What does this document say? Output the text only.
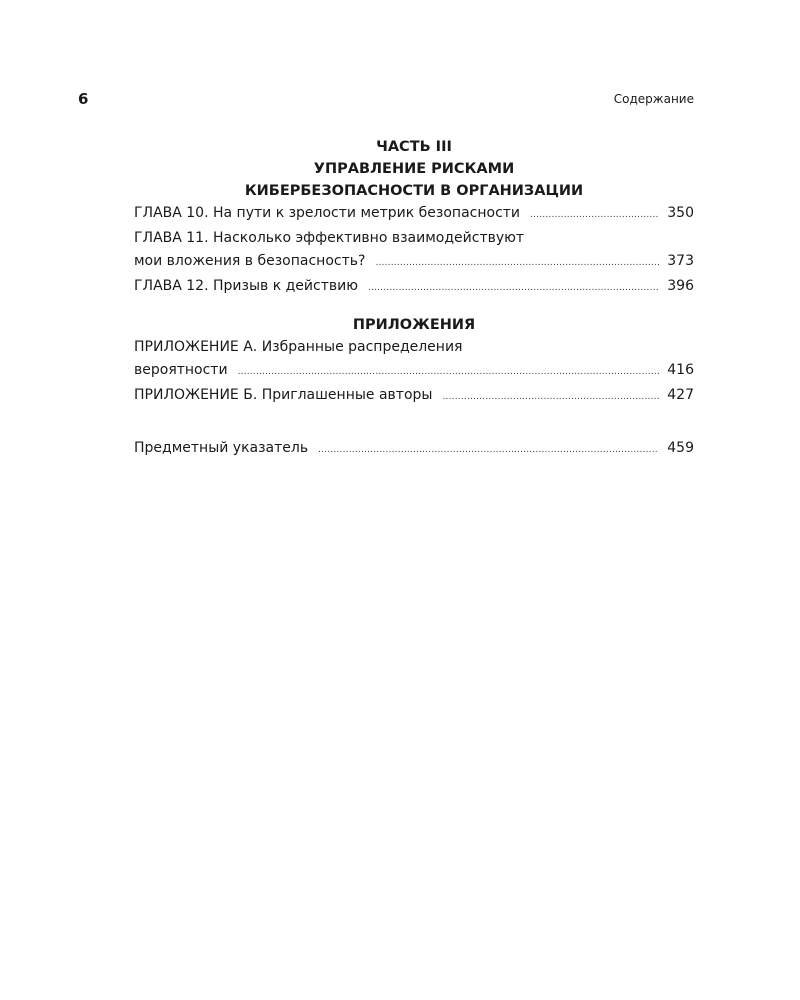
6	Содержание
ЧАСТЬ III
УПРАВЛЕНИЕ РИСКАМИ
КИБЕРБЕЗОПАСНОСТИ В ОРГАНИЗАЦИИ
ГЛАВА 10. На пути к зрелости метрик безопасности .....	350
ГЛАВА 11. Насколько эффективно взаимодействуют
мои вложения в безопасность? .....	373
ГЛАВА 12. Призыв к действию .....	396
ПРИЛОЖЕНИЯ
ПРИЛОЖЕНИЕ А. Избранные распределения
вероятности .....	416
ПРИЛОЖЕНИЕ Б. Приглашенные авторы .....	427
Предметный указатель .....	459
